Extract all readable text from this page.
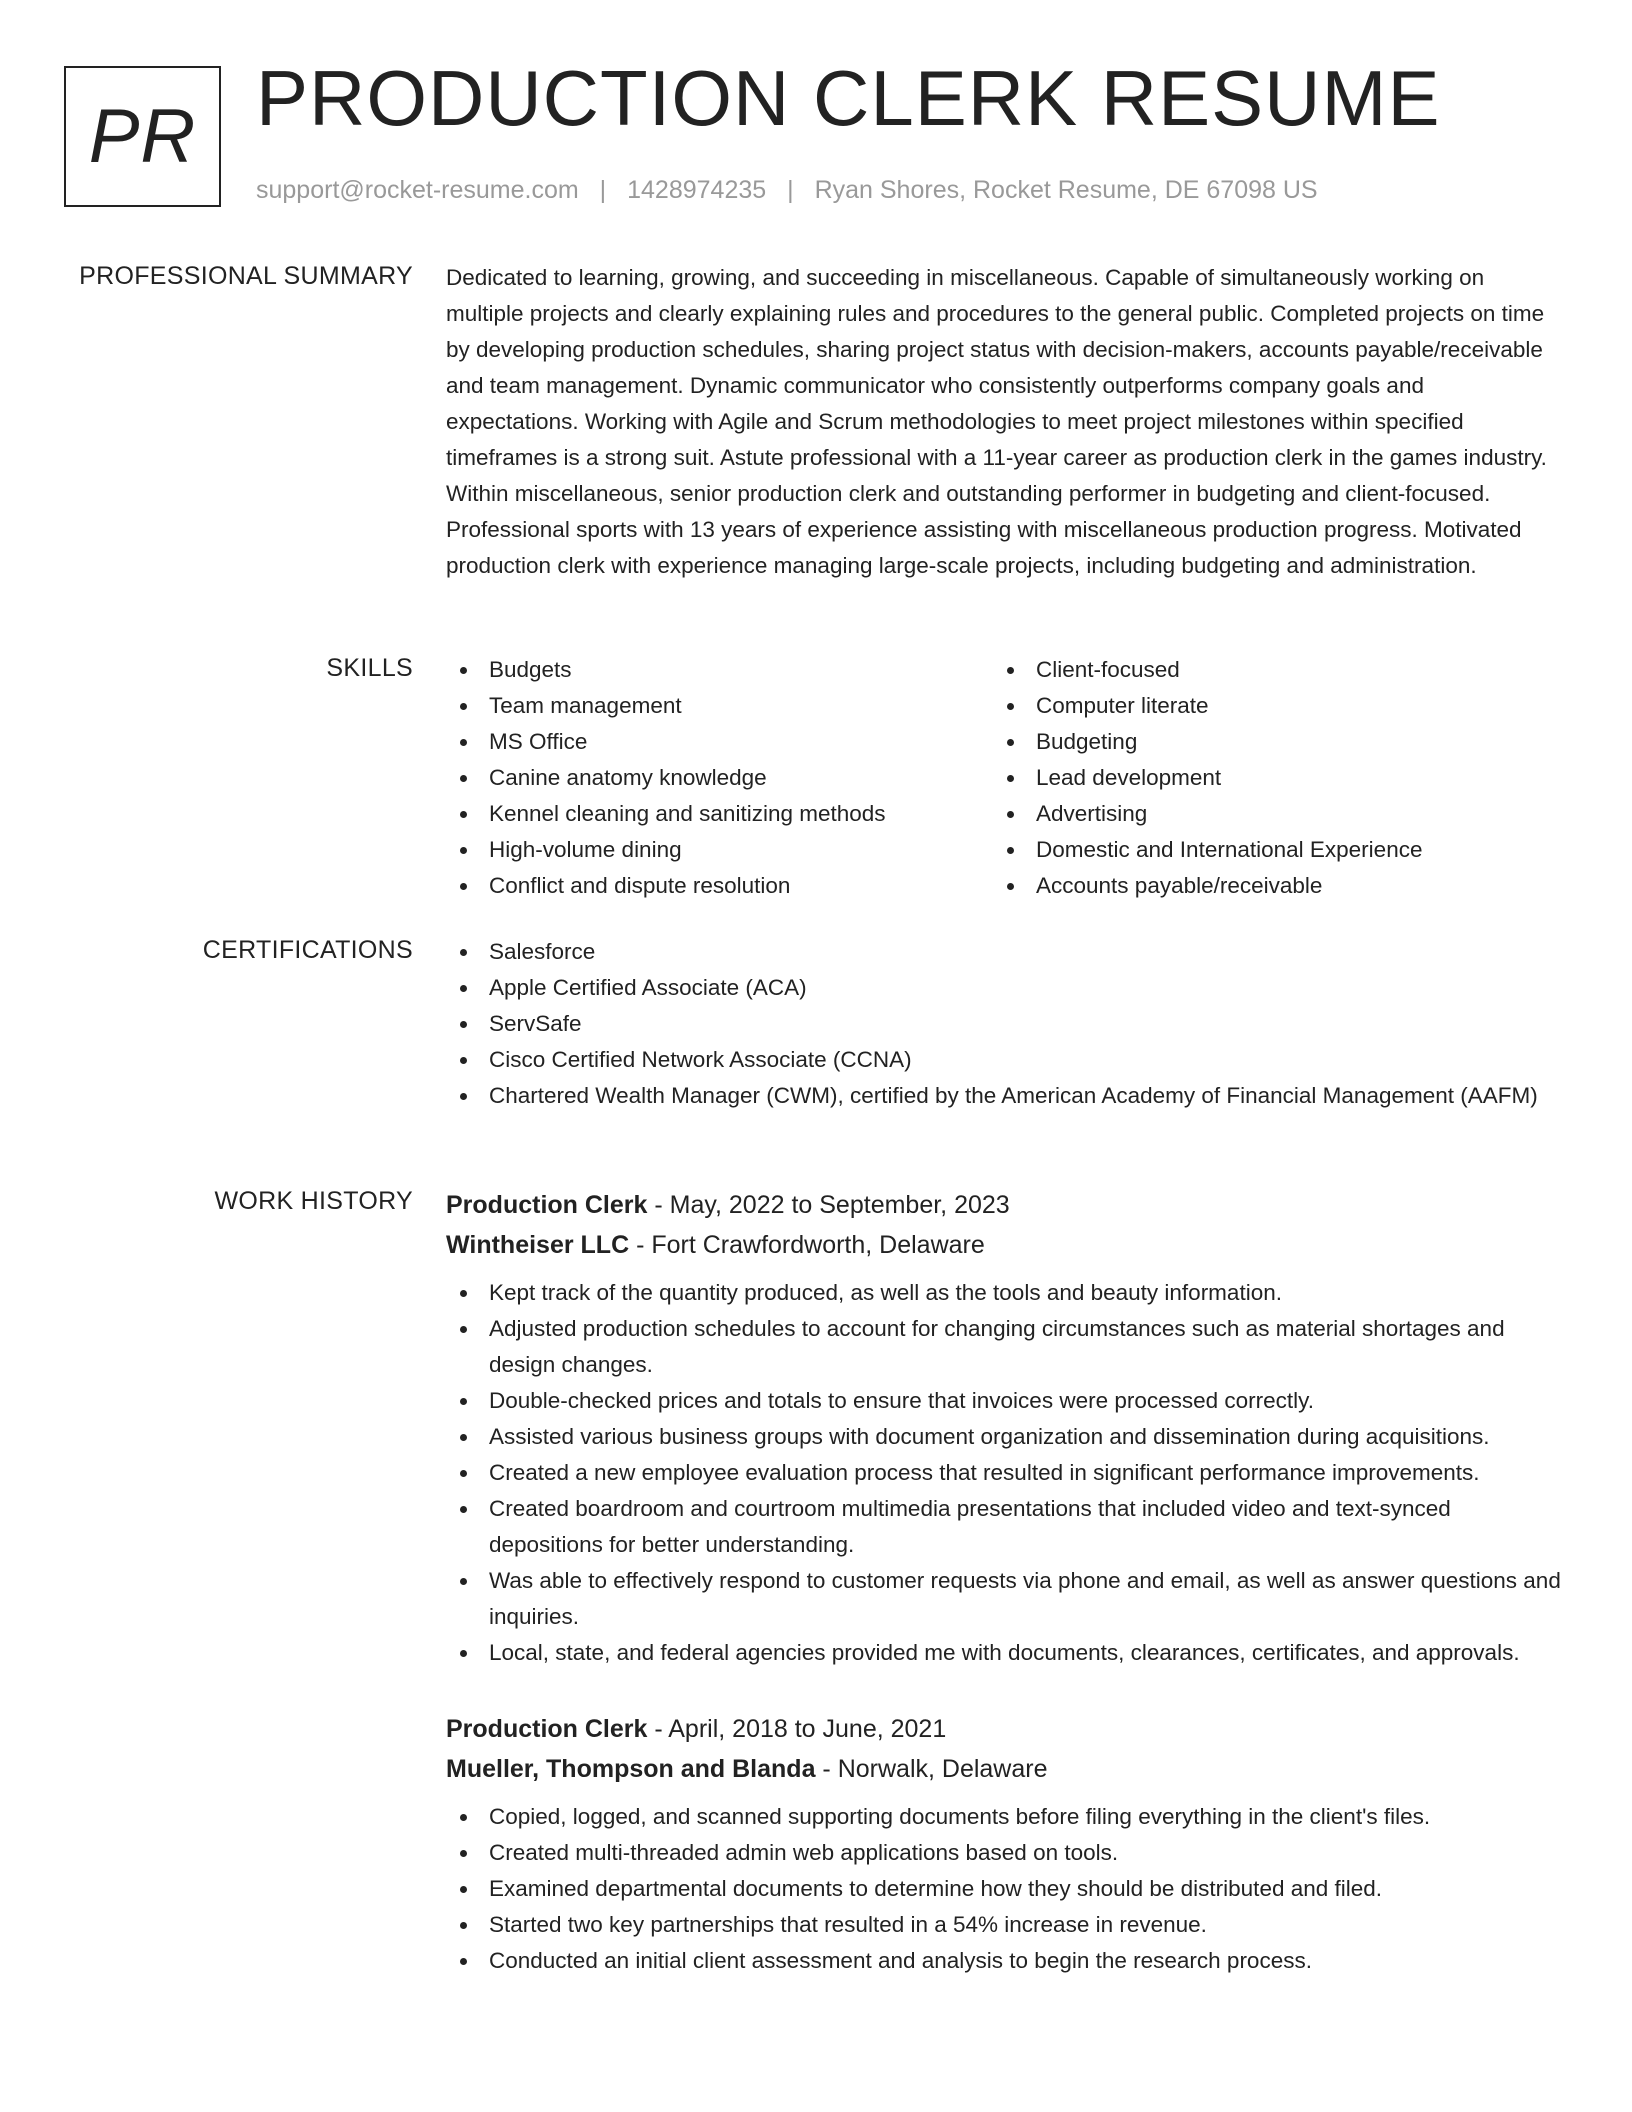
PR PRODUCTION CLERK RESUME
support@rocket-resume.com | 1428974235 | Ryan Shores, Rocket Resume, DE 67098 US
PROFESSIONAL SUMMARY Dedicated to learning, growing, and succeeding in miscellaneous. Capable of simultaneously working on multiple projects and clearly explaining rules and procedures to the general public. Completed projects on time by developing production schedules, sharing project status with decision-makers, accounts payable/receivable and team management. Dynamic communicator who consistently outperforms company goals and expectations. Working with Agile and Scrum methodologies to meet project milestones within specified timeframes is a strong suit. Astute professional with a 11-year career as production clerk in the games industry. Within miscellaneous, senior production clerk and outstanding performer in budgeting and client-focused. Professional sports with 13 years of experience assisting with miscellaneous production progress. Motivated production clerk with experience managing large-scale projects, including budgeting and administration.

SKILLS	Budgets
Team management
MS Office
Canine anatomy knowledge
Kennel cleaning and sanitizing methods
High-volume dining
Conflict and dispute resolution
Client-focused
Computer literate
Budgeting
Lead development
Advertising
Domestic and International Experience
Accounts payable/receivable
CERTIFICATIONS	Salesforce
Apple Certified Associate (ACA)
ServSafe
Cisco Certified Network Associate (CCNA)
Chartered Wealth Manager (CWM), certified by the American Academy of Financial Management (AAFM)
WORK HISTORY Production Clerk - May, 2022 to September, 2023
Wintheiser LLC - Fort Crawfordworth, Delaware
Kept track of the quantity produced, as well as the tools and beauty information.
Adjusted production schedules to account for changing circumstances such as material shortages and design changes.
Double-checked prices and totals to ensure that invoices were processed correctly.
Assisted various business groups with document organization and dissemination during acquisitions.
Created a new employee evaluation process that resulted in significant performance improvements.
Created boardroom and courtroom multimedia presentations that included video and text-synced depositions for better understanding.
Was able to effectively respond to customer requests via phone and email, as well as answer questions and inquiries.
Local, state, and federal agencies provided me with documents, clearances, certificates, and approvals.
Production Clerk - April, 2018 to June, 2021
Mueller, Thompson and Blanda - Norwalk, Delaware
Copied, logged, and scanned supporting documents before filing everything in the client's files.
Created multi-threaded admin web applications based on tools.
Examined departmental documents to determine how they should be distributed and filed.
Started two key partnerships that resulted in a 54% increase in revenue.
Conducted an initial client assessment and analysis to begin the research process.
